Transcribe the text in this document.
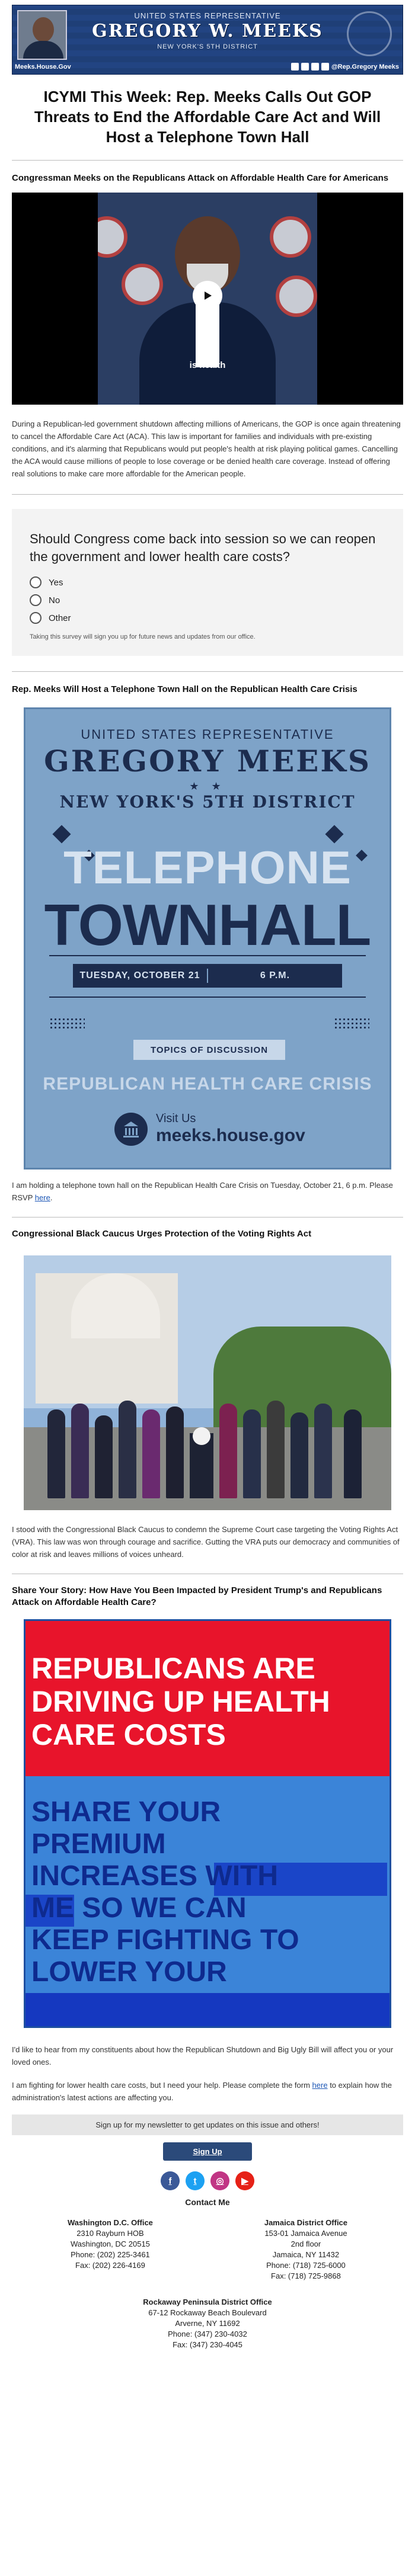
Meeks.House.Gov
UNITED STATES REPRESENTATIVE
GREGORY W. MEEKS
NEW YORK'S 5TH DISTRICT
@Rep.Gregory Meeks
ICYMI This Week: Rep. Meeks Calls Out GOP Threats to End the Affordable Care Act and Will Host a Telephone Town Hall
Congressman Meeks on the Republicans Attack on Affordable Health Care for Americans
is health

During a Republican-led government shutdown affecting millions of Americans, the GOP is once again threatening to cancel the Affordable Care Act (ACA). This law is important for families and individuals with pre-existing conditions, and it's alarming that Republicans would put people's health at risk playing political games. Cancelling the ACA would cause millions of people to lose coverage or be denied health care coverage. Instead of offering real solutions to make care more affordable for the American people.

Should Congress come back into session so we can reopen the government and lower health care costs?
Yes
No
Other
Taking this survey will sign you up for future news and updates from our office.
Rep. Meeks Will Host a Telephone Town Hall on the Republican Health Care Crisis
UNITED STATES REPRESENTATIVE
GREGORY MEEKS
★ ★
NEW YORK'S 5TH DISTRICT
TELEPHONE
TOWNHALL
TUESDAY, OCTOBER 21	6 P.M.
TOPICS OF DISCUSSION
REPUBLICAN HEALTH CARE CRISIS
Visit Us
meeks.house.gov

I am holding a telephone town hall on the Republican Health Care Crisis on Tuesday, October 21, 6 p.m. Please RSVP here.

Congressional Black Caucus Urges Protection of the Voting Rights Act

I stood with the Congressional Black Caucus to condemn the Supreme Court case targeting the Voting Rights Act (VRA). This law was won through courage and sacrifice. Gutting the VRA puts our democracy and communities of color at risk and leaves millions of voices unheard.

Share Your Story: How Have You Been Impacted by President Trump's and Republicans Attack on Affordable Health Care?
REPUBLICANS ARE
DRIVING UP HEALTH
CARE COSTS
SHARE YOUR
PREMIUM
INCREASES WITH
ME SO WE CAN
KEEP FIGHTING TO
LOWER YOUR

I'd like to hear from my constituents about how the Republican Shutdown and Big Ugly Bill will affect you or your loved ones.

I am fighting for lower health care costs, but I need your help. Please complete the form here to explain how the administration's latest actions are affecting you.

Sign up for my newsletter to get updates on this issue and others!
Sign Up
f	t	◎	▶
Contact Me
Washington D.C. Office
2310 Rayburn HOB
Washington, DC 20515
Phone: (202) 225-3461
Fax: (202) 226-4169
Jamaica District Office
153-01 Jamaica Avenue
2nd floor
Jamaica, NY 11432
Phone: (718) 725-6000
Fax: (718) 725-9868
Rockaway Peninsula District Office
67-12 Rockaway Beach Boulevard
Arverne, NY 11692
Phone: (347) 230-4032
Fax: (347) 230-4045
